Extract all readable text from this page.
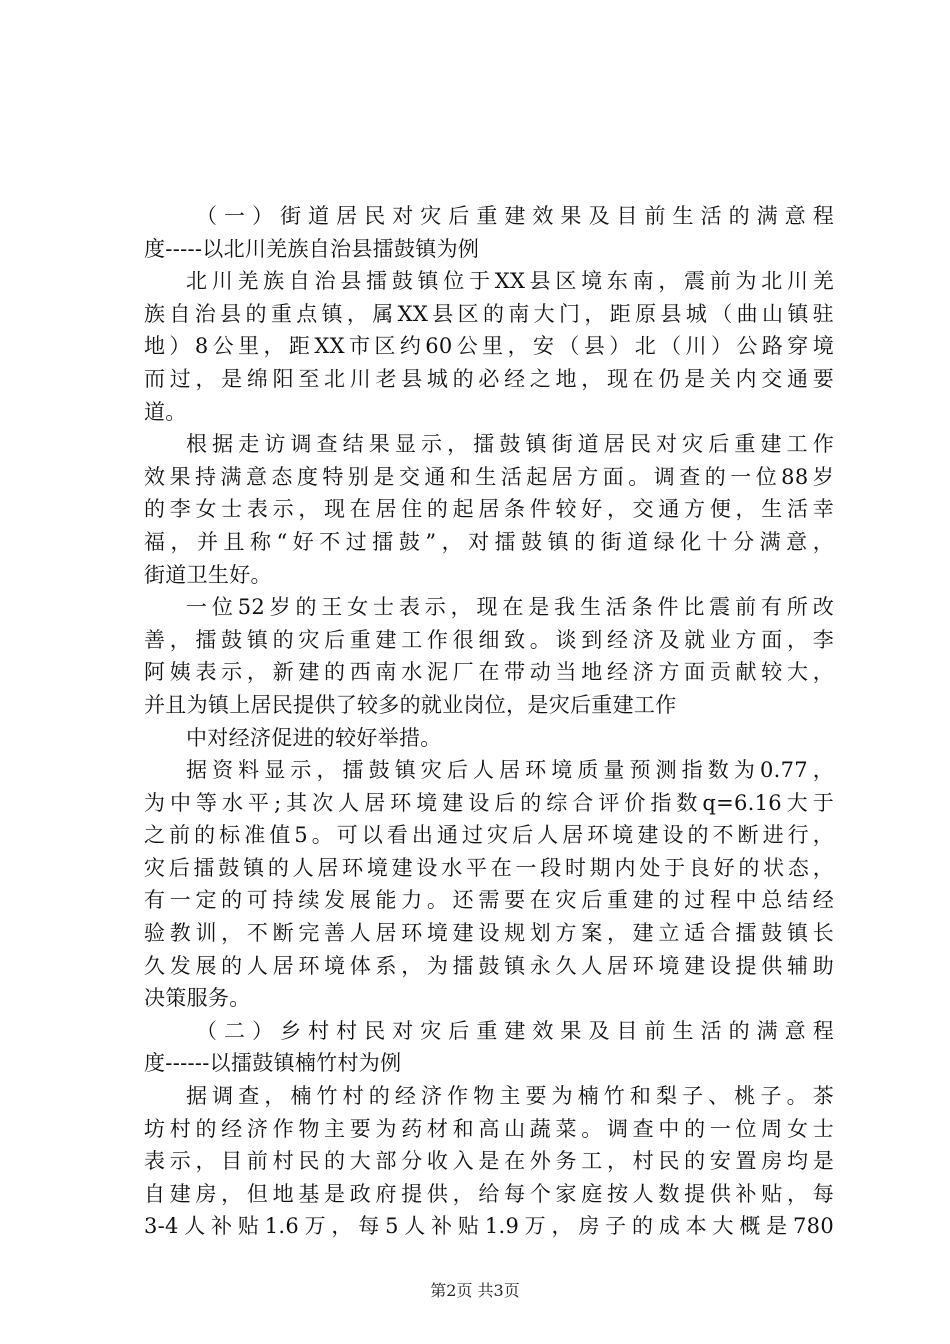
（一）街道居民对灾后重建效果及目前生活的满意程
度-----以北川羌族自治县擂鼓镇为例
北川羌族自治县擂鼓镇位于XX县区境东南，震前为北川羌
族自治县的重点镇，属XX县区的南大门，距原县城（曲山镇驻
地）8公里，距XX市区约60公里，安（县）北（川）公路穿境
而过，是绵阳至北川老县城的必经之地，现在仍是关内交通要
道。
根据走访调查结果显示，擂鼓镇街道居民对灾后重建工作
效果持满意态度特别是交通和生活起居方面。调查的一位88岁
的李女士表示，现在居住的起居条件较好，交通方便，生活幸
福，并且称“好不过擂鼓”，对擂鼓镇的街道绿化十分满意，
街道卫生好。
一位52岁的王女士表示，现在是我生活条件比震前有所改
善，擂鼓镇的灾后重建工作很细致。谈到经济及就业方面，李
阿姨表示，新建的西南水泥厂在带动当地经济方面贡献较大，
并且为镇上居民提供了较多的就业岗位，是灾后重建工作
中对经济促进的较好举措。
据资料显示，擂鼓镇灾后人居环境质量预测指数为0.77，
为中等水平;其次人居环境建设后的综合评价指数q=6.16大于
之前的标准值5。可以看出通过灾后人居环境建设的不断进行，
灾后擂鼓镇的人居环境建设水平在一段时期内处于良好的状态，
有一定的可持续发展能力。还需要在灾后重建的过程中总结经
验教训，不断完善人居环境建设规划方案，建立适合擂鼓镇长
久发展的人居环境体系，为擂鼓镇永久人居环境建设提供辅助
决策服务。
（二）乡村村民对灾后重建效果及目前生活的满意程
度------以擂鼓镇楠竹村为例
据调查，楠竹村的经济作物主要为楠竹和梨子、桃子。茶
坊村的经济作物主要为药材和高山蔬菜。调查中的一位周女士
表示，目前村民的大部分收入是在外务工，村民的安置房均是
自建房，但地基是政府提供，给每个家庭按人数提供补贴，每
3-4人补贴1.6万，每5人补贴1.9万，房子的成本大概是780
第2页 共3页
